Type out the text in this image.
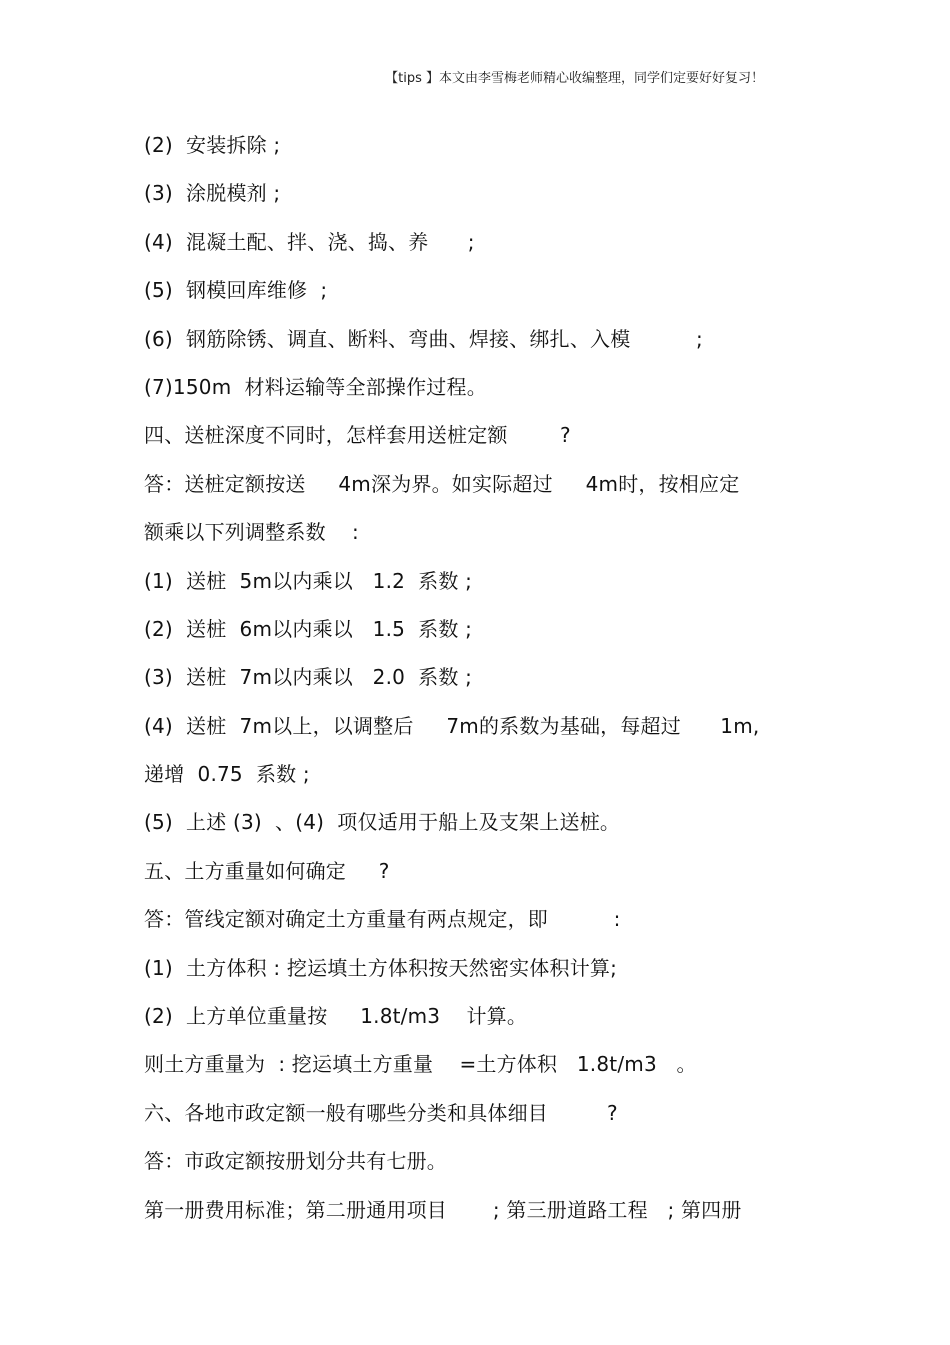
【tips 】本文由李雪梅老师精心收编整理，同学们定要好好复习！
(2)  安装拆除 ;
(3)  涂脱模剂 ;
(4)  混凝土配、拌、浇、捣、养      ;
(5)  钢模回库维修  ;
(6)  钢筋除锈、调直、断料、弯曲、焊接、绑扎、入模          ;
(7)150m  材料运输等全部操作过程。
四、送桩深度不同时，怎样套用送桩定额        ?
答：送桩定额按送     4m深为界。如实际超过     4m时，按相应定
额乘以下列调整系数    :
(1)  送桩  5m以内乘以   1.2  系数 ;
(2)  送桩  6m以内乘以   1.5  系数 ;
(3)  送桩  7m以内乘以   2.0  系数 ;
(4)  送桩  7m以上，以调整后     7m的系数为基础，每超过      1m,
递增  0.75  系数 ;
(5)  上述 (3)  、(4)  项仅适用于船上及支架上送桩。
五、土方重量如何确定     ?
答：管线定额对确定土方重量有两点规定，即          :
(1)  土方体积 : 挖运填土方体积按天然密实体积计算;
(2)  上方单位重量按     1.8t/m3    计算。
则土方重量为  : 挖运填土方重量    =土方体积   1.8t/m3   。
六、各地市政定额一般有哪些分类和具体细目         ?
答：市政定额按册划分共有七册。
第一册费用标准；第二册通用项目       ; 第三册道路工程   ; 第四册
